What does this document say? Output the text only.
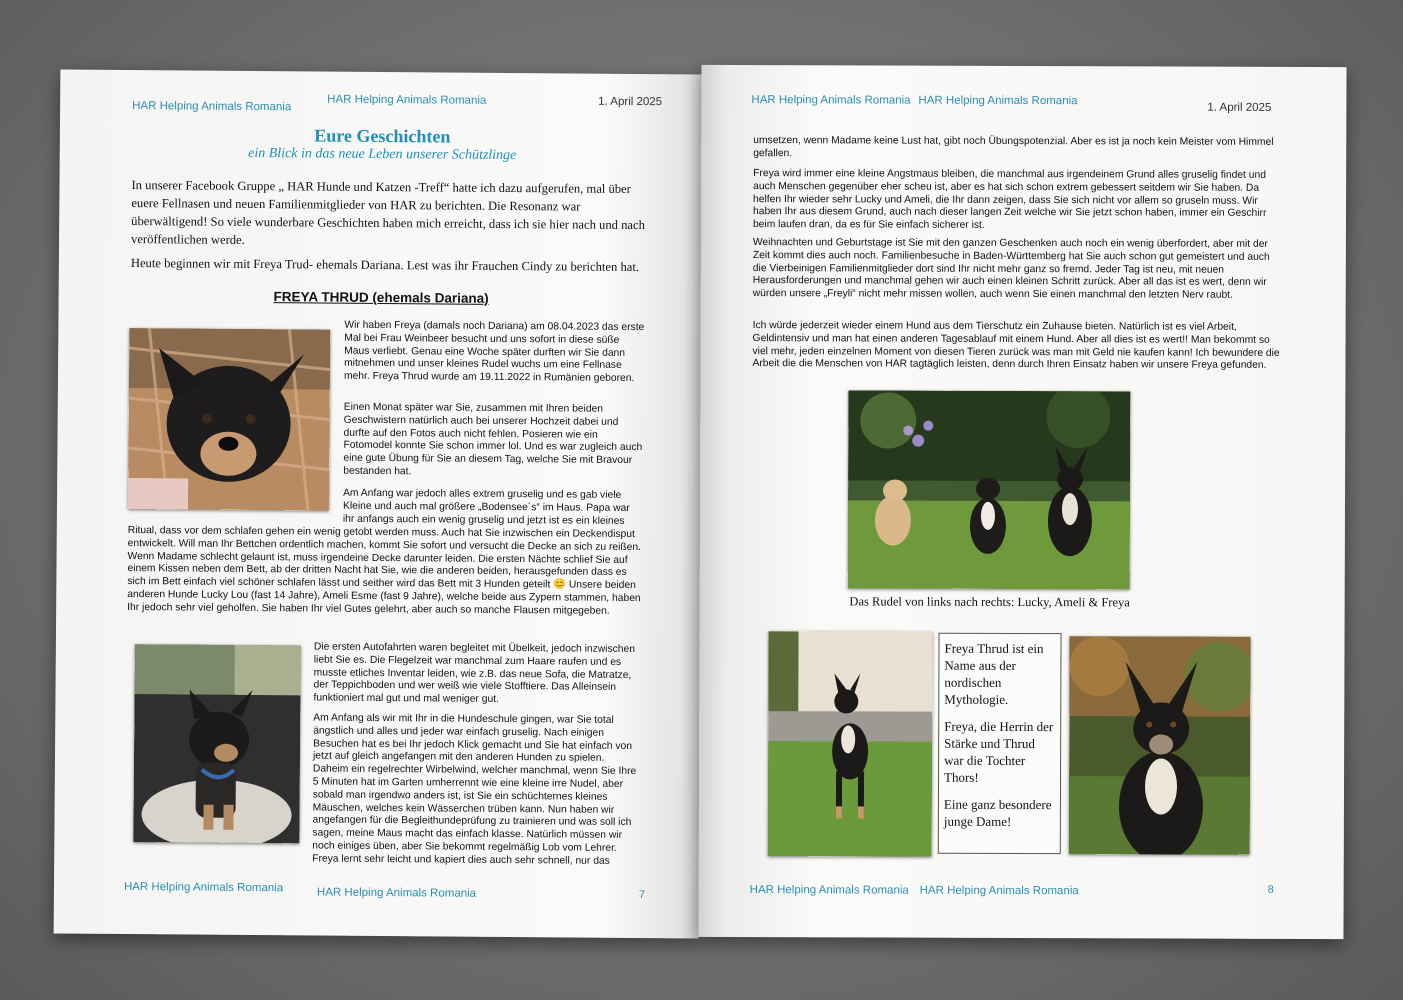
HAR Helping Animals Romania	HAR Helping Animals Romania	1. April 2025
Eure Geschichten
ein Blick in das neue Leben unserer Schützlinge

In unserer Facebook Gruppe „ HAR Hunde und Katzen -Treff“ hatte ich dazu aufgerufen, mal über euere Fellnasen und neuen Familienmitglieder von HAR zu berichten. Die Resonanz war überwältigend! So viele wunderbare Geschichten haben mich erreicht, dass ich sie hier nach und nach veröffentlichen werde.

Heute beginnen wir mit Freya Trud- ehemals Dariana. Lest was ihr Frauchen Cindy zu berichten hat.

FREYA THRUD (ehemals Dariana)
Wir haben Freya (damals noch Dariana) am 08.04.2023 das erste Mal bei Frau Weinbeer besucht und uns sofort in diese süße Maus verliebt. Genau eine Woche später durften wir Sie dann mitnehmen und unser kleines Rudel wuchs um eine Fellnase mehr. Freya Thrud wurde am 19.11.2022 in Rumänien geboren.
Einen Monat später war Sie, zusammen mit Ihren beiden Geschwistern natürlich auch bei unserer Hochzeit dabei und durfte auf den Fotos auch nicht fehlen. Posieren wie ein Fotomodel konnte Sie schon immer lol. Und es war zugleich auch eine gute Übung für Sie an diesem Tag, welche Sie mit Bravour bestanden hat.
Am Anfang war jedoch alles extrem gruselig und es gab viele Kleine und auch mal größere „Bodensee´s“ im Haus. Papa war ihr anfangs auch ein wenig gruselig und jetzt ist es ein kleines
Ritual, dass vor dem schlafen gehen ein wenig getobt werden muss. Auch hat Sie inzwischen ein Deckendisput entwickelt. Will man Ihr Bettchen ordentlich machen, kommt Sie sofort und versucht die Decke an sich zu reißen. Wenn Madame schlecht gelaunt ist, muss irgendeine Decke darunter leiden. Die ersten Nächte schlief Sie auf einem Kissen neben dem Bett, ab der dritten Nacht hat Sie, wie die anderen beiden, herausgefunden dass es sich im Bett einfach viel schöner schlafen lässt und seither wird das Bett mit 3 Hunden geteilt 😊 Unsere beiden anderen Hunde Lucky Lou (fast 14 Jahre), Ameli Esme (fast 9 Jahre), welche beide aus Zypern stammen, haben Ihr jedoch sehr viel geholfen. Sie haben Ihr viel Gutes gelehrt, aber auch so manche Flausen mitgegeben.
Die ersten Autofahrten waren begleitet mit Übelkeit, jedoch inzwischen liebt Sie es. Die Flegelzeit war manchmal zum Haare raufen und es musste etliches Inventar leiden, wie z.B. das neue Sofa, die Matratze, der Teppichboden und wer weiß wie viele Stofftiere. Das Alleinsein funktioniert mal gut und mal weniger gut.
Am Anfang als wir mit Ihr in die Hundeschule gingen, war Sie total ängstlich und alles und jeder war einfach gruselig. Nach einigen Besuchen hat es bei Ihr jedoch Klick gemacht und Sie hat einfach von jetzt auf gleich angefangen mit den anderen Hunden zu spielen. Daheim ein regelrechter Wirbelwind, welcher manchmal, wenn Sie Ihre 5 Minuten hat im Garten umherrennt wie eine kleine irre Nudel, aber sobald man irgendwo anders ist, ist Sie ein schüchternes kleines Mäuschen, welches kein Wässerchen trüben kann. Nun haben wir angefangen für die Begleithundeprüfung zu trainieren und was soll ich sagen, meine Maus macht das einfach klasse. Natürlich müssen wir noch einiges üben, aber Sie bekommt regelmäßig Lob vom Lehrer. Freya lernt sehr leicht und kapiert dies auch sehr schnell, nur das
HAR Helping Animals Romania	HAR Helping Animals Romania	7
HAR Helping Animals Romania HAR Helping Animals Romania
1. April 2025
umsetzen, wenn Madame keine Lust hat, gibt noch Übungspotenzial. Aber es ist ja noch kein Meister vom Himmel gefallen.
Freya wird immer eine kleine Angstmaus bleiben, die manchmal aus irgendeinem Grund alles gruselig findet und auch Menschen gegenüber eher scheu ist, aber es hat sich schon extrem gebessert seitdem wir Sie haben. Da helfen Ihr wieder sehr Lucky und Ameli, die Ihr dann zeigen, dass Sie sich nicht vor allem so gruseln muss. Wir haben Ihr aus diesem Grund, auch nach dieser langen Zeit welche wir Sie jetzt schon haben, immer ein Geschirr beim laufen dran, da es für Sie einfach sicherer ist.
Weihnachten und Geburtstage ist Sie mit den ganzen Geschenken auch noch ein wenig überfordert, aber mit der Zeit kommt dies auch noch. Familienbesuche in Baden-Württemberg hat Sie auch schon gut gemeistert und auch die Vierbeinigen Familienmitglieder dort sind Ihr nicht mehr ganz so fremd. Jeder Tag ist neu, mit neuen Herausforderungen und manchmal gehen wir auch einen kleinen Schritt zurück. Aber all das ist es wert, denn wir würden unsere „Freyli“ nicht mehr missen wollen, auch wenn Sie einen manchmal den letzten Nerv raubt.
Ich würde jederzeit wieder einem Hund aus dem Tierschutz ein Zuhause bieten. Natürlich ist es viel Arbeit, Geldintensiv und man hat einen anderen Tagesablauf mit einem Hund. Aber all dies ist es wert!! Man bekommt so viel mehr, jeden einzelnen Moment von diesen Tieren zurück was man mit Geld nie kaufen kann! Ich bewundere die Arbeit die die Menschen von HAR tagtäglich leisten, denn durch Ihren Einsatz haben wir unsere Freya gefunden.
Das Rudel von links nach rechts: Lucky, Ameli & Freya

Freya Thrud ist ein Name aus der nordischen Mythologie.

Freya, die Herrin der Stärke und Thrud war die Tochter Thors!

Eine ganz besondere junge Dame!

HAR Helping Animals Romania HAR Helping Animals Romania	8
